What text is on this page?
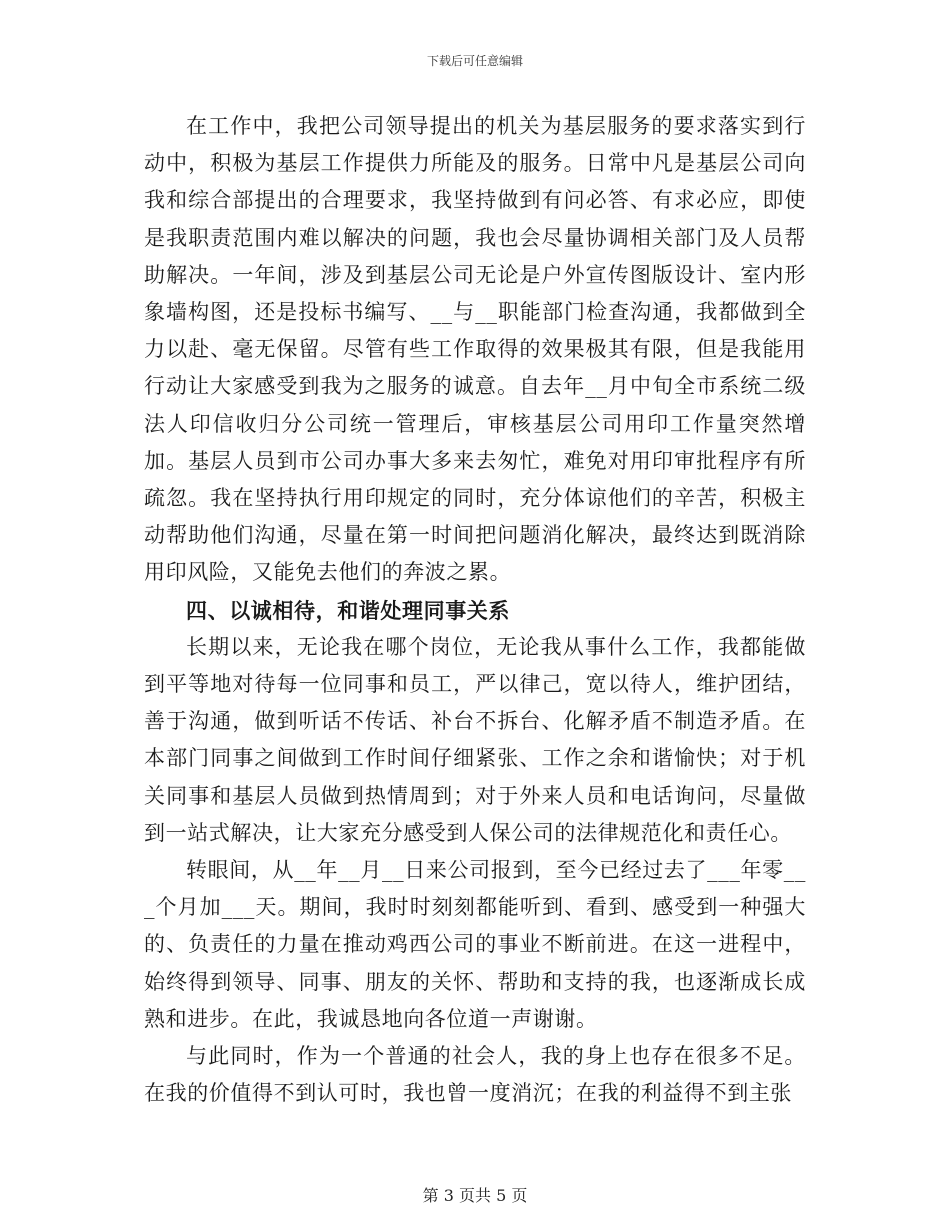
下载后可任意编辑

在工作中，我把公司领导提出的机关为基层服务的要求落实到行动中，积极为基层工作提供力所能及的服务。日常中凡是基层公司向我和综合部提出的合理要求，我坚持做到有问必答、有求必应，即使是我职责范围内难以解决的问题，我也会尽量协调相关部门及人员帮助解决。一年间，涉及到基层公司无论是户外宣传图版设计、室内形象墙构图，还是投标书编写、__与__职能部门检查沟通，我都做到全力以赴、毫无保留。尽管有些工作取得的效果极其有限，但是我能用行动让大家感受到我为之服务的诚意。自去年__月中旬全市系统二级法人印信收归分公司统一管理后，审核基层公司用印工作量突然增加。基层人员到市公司办事大多来去匆忙，难免对用印审批程序有所疏忽。我在坚持执行用印规定的同时，充分体谅他们的辛苦，积极主动帮助他们沟通，尽量在第一时间把问题消化解决，最终达到既消除用印风险，又能免去他们的奔波之累。

四、以诚相待，和谐处理同事关系

长期以来，无论我在哪个岗位，无论我从事什么工作，我都能做到平等地对待每一位同事和员工，严以律己，宽以待人，维护团结，善于沟通，做到听话不传话、补台不拆台、化解矛盾不制造矛盾。在本部门同事之间做到工作时间仔细紧张、工作之余和谐愉快；对于机关同事和基层人员做到热情周到；对于外来人员和电话询问，尽量做到一站式解决，让大家充分感受到人保公司的法律规范化和责任心。

转眼间，从__年__月__日来公司报到，至今已经过去了___年零___个月加___天。期间，我时时刻刻都能听到、看到、感受到一种强大的、负责任的力量在推动鸡西公司的事业不断前进。在这一进程中，始终得到领导、同事、朋友的关怀、帮助和支持的我，也逐渐成长成熟和进步。在此，我诚恳地向各位道一声谢谢。

与此同时，作为一个普通的社会人，我的身上也存在很多不足。在我的价值得不到认可时，我也曾一度消沉；在我的利益得不到主张

第 3 页共 5 页
